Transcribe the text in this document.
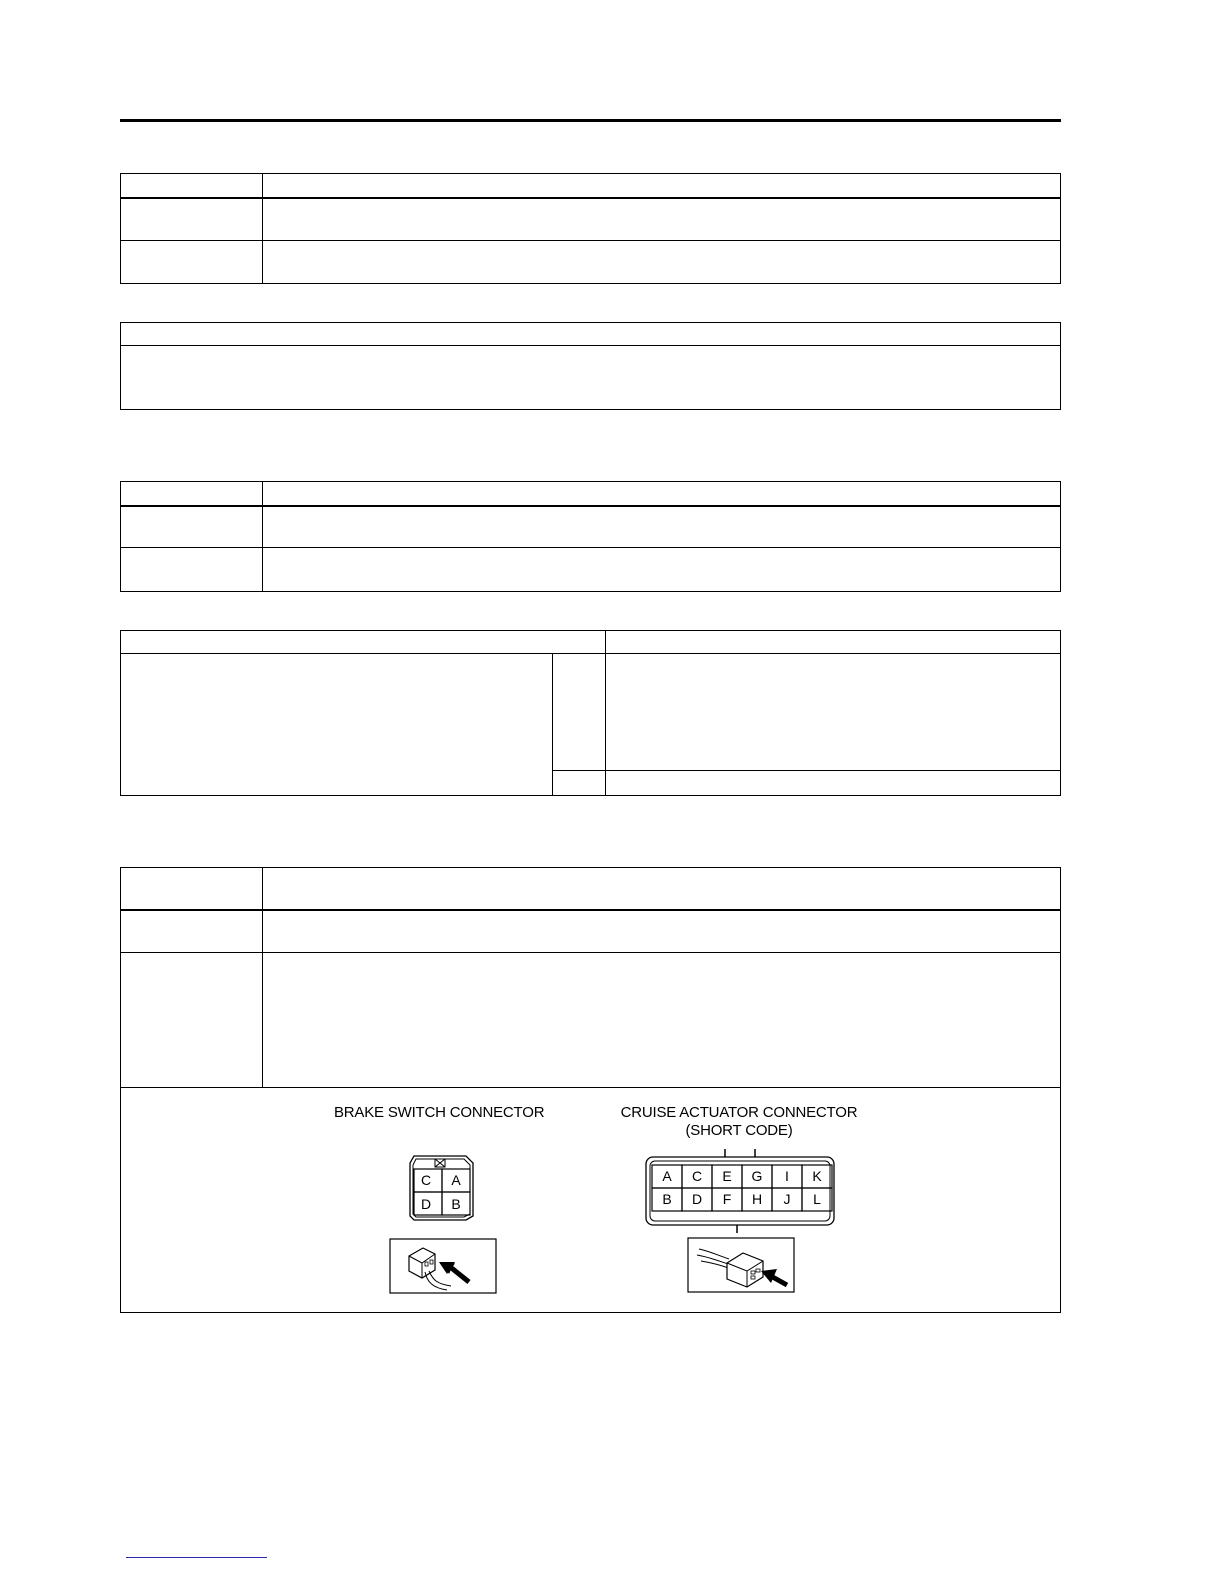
BRAKE SWITCH CONNECTOR	CRUISE ACTUATOR CONNECTOR
(SHORT CODE)
C A
D B
A C E G I K
B D F H J L
